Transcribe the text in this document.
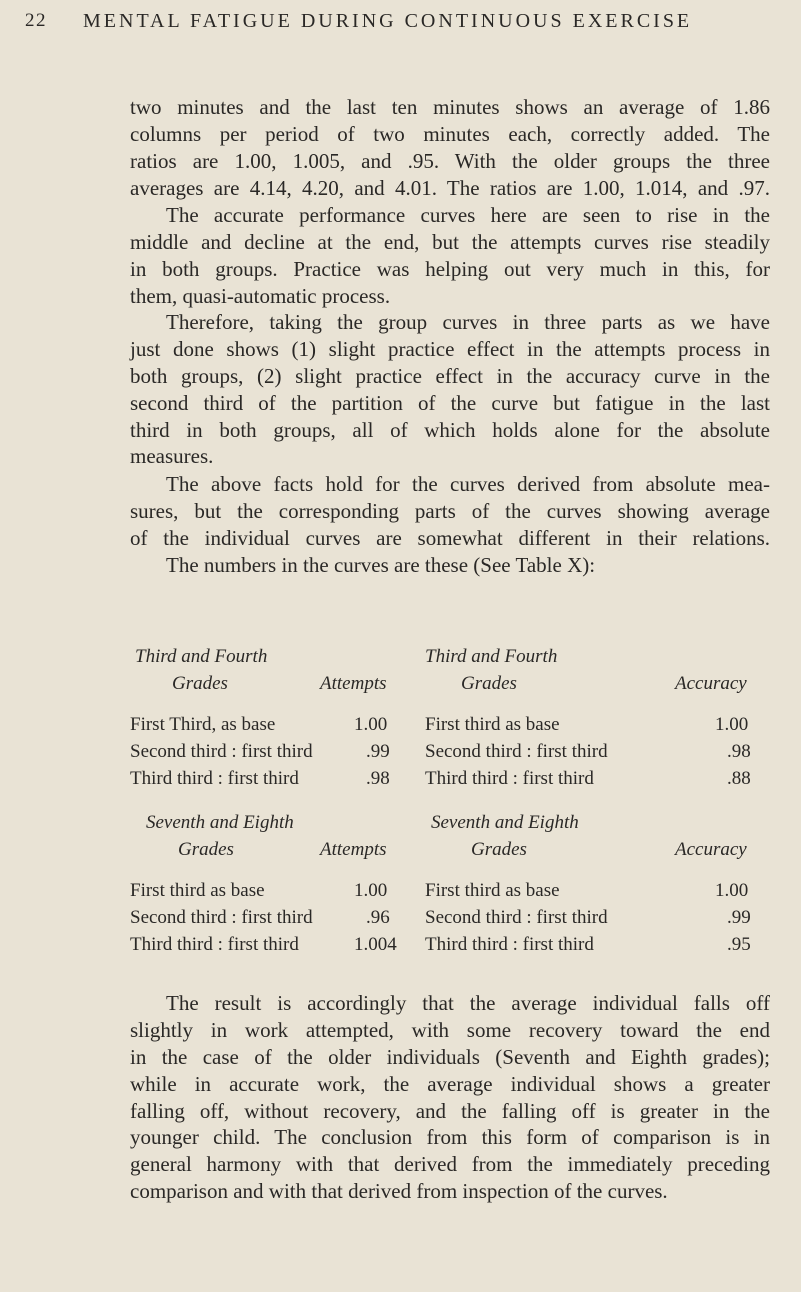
22 MENTAL FATIGUE DURING CONTINUOUS EXERCISE
two minutes and the last ten minutes shows an average of 1.86
columns per period of two minutes each, correctly added. The
ratios are 1.00, 1.005, and .95. With the older groups the three
averages are 4.14, 4.20, and 4.01. The ratios are 1.00, 1.014, and .97.
The accurate performance curves here are seen to rise in the
middle and decline at the end, but the attempts curves rise steadily
in both groups. Practice was helping out very much in this, for
them, quasi-automatic process.
Therefore, taking the group curves in three parts as we have
just done shows (1) slight practice effect in the attempts process in
both groups, (2) slight practice effect in the accuracy curve in the
second third of the partition of the curve but fatigue in the last
third in both groups, all of which holds alone for the absolute
measures.
The above facts hold for the curves derived from absolute mea-
sures, but the corresponding parts of the curves showing average
of the individual curves are somewhat different in their relations.
The numbers in the curves are these (See Table X):
Third and Fourth
Grades	Attempts
First Third, as base	1.00
Second third : first third	.99
Third third : first third	.98
Third and Fourth
Grades	Accuracy
First third as base	1.00
Second third : first third	.98
Third third : first third	.88
Seventh and Eighth
Grades	Attempts
First third as base	1.00
Second third : first third	.96
Third third : first third	1.004
Seventh and Eighth
Grades	Accuracy
First third as base	1.00
Second third : first third	.99
Third third : first third	.95
The result is accordingly that the average individual falls off
slightly in work attempted, with some recovery toward the end
in the case of the older individuals (Seventh and Eighth grades);
while in accurate work, the average individual shows a greater
falling off, without recovery, and the falling off is greater in the
younger child. The conclusion from this form of comparison is in
general harmony with that derived from the immediately preceding
comparison and with that derived from inspection of the curves.
